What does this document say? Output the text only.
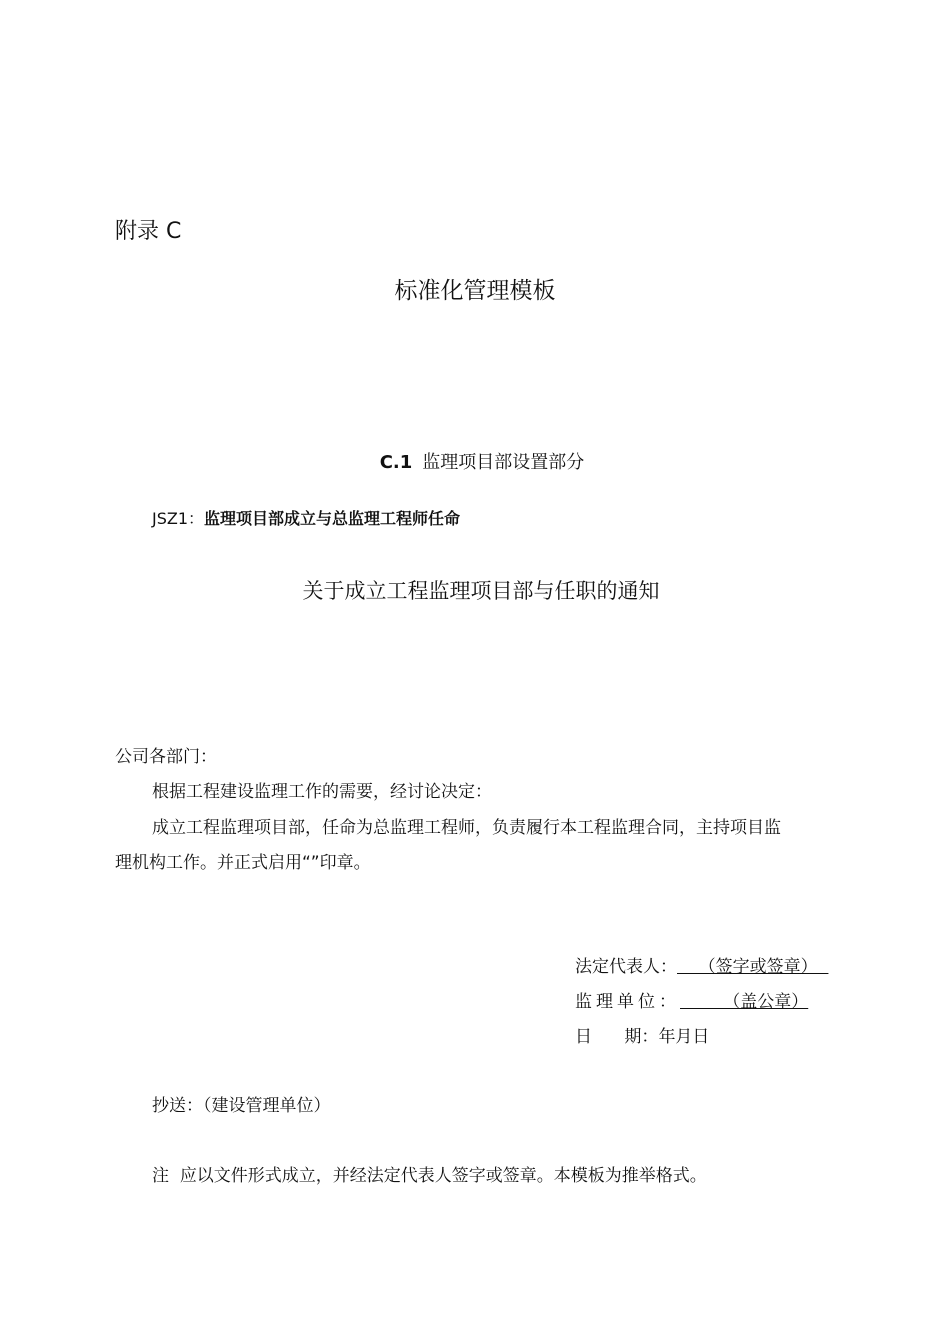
附录 C
标准化管理模板
C.1 监理项目部设置部分
JSZ1：监理项目部成立与总监理工程师任命
关于成立工程监理项目部与任职的通知
公司各部门：
根据工程建设监理工作的需要，经讨论决定：
成立工程监理项目部，任命为总监理工程师，负责履行本工程监理合同，主持项目监
理机构工作。并正式启用“”印章。
法定代表人：    （签字或签章）
监理单位：        （盖公章）
日      期：年月日
抄送：（建设管理单位）
注 应以文件形式成立，并经法定代表人签字或签章。本模板为推举格式。
